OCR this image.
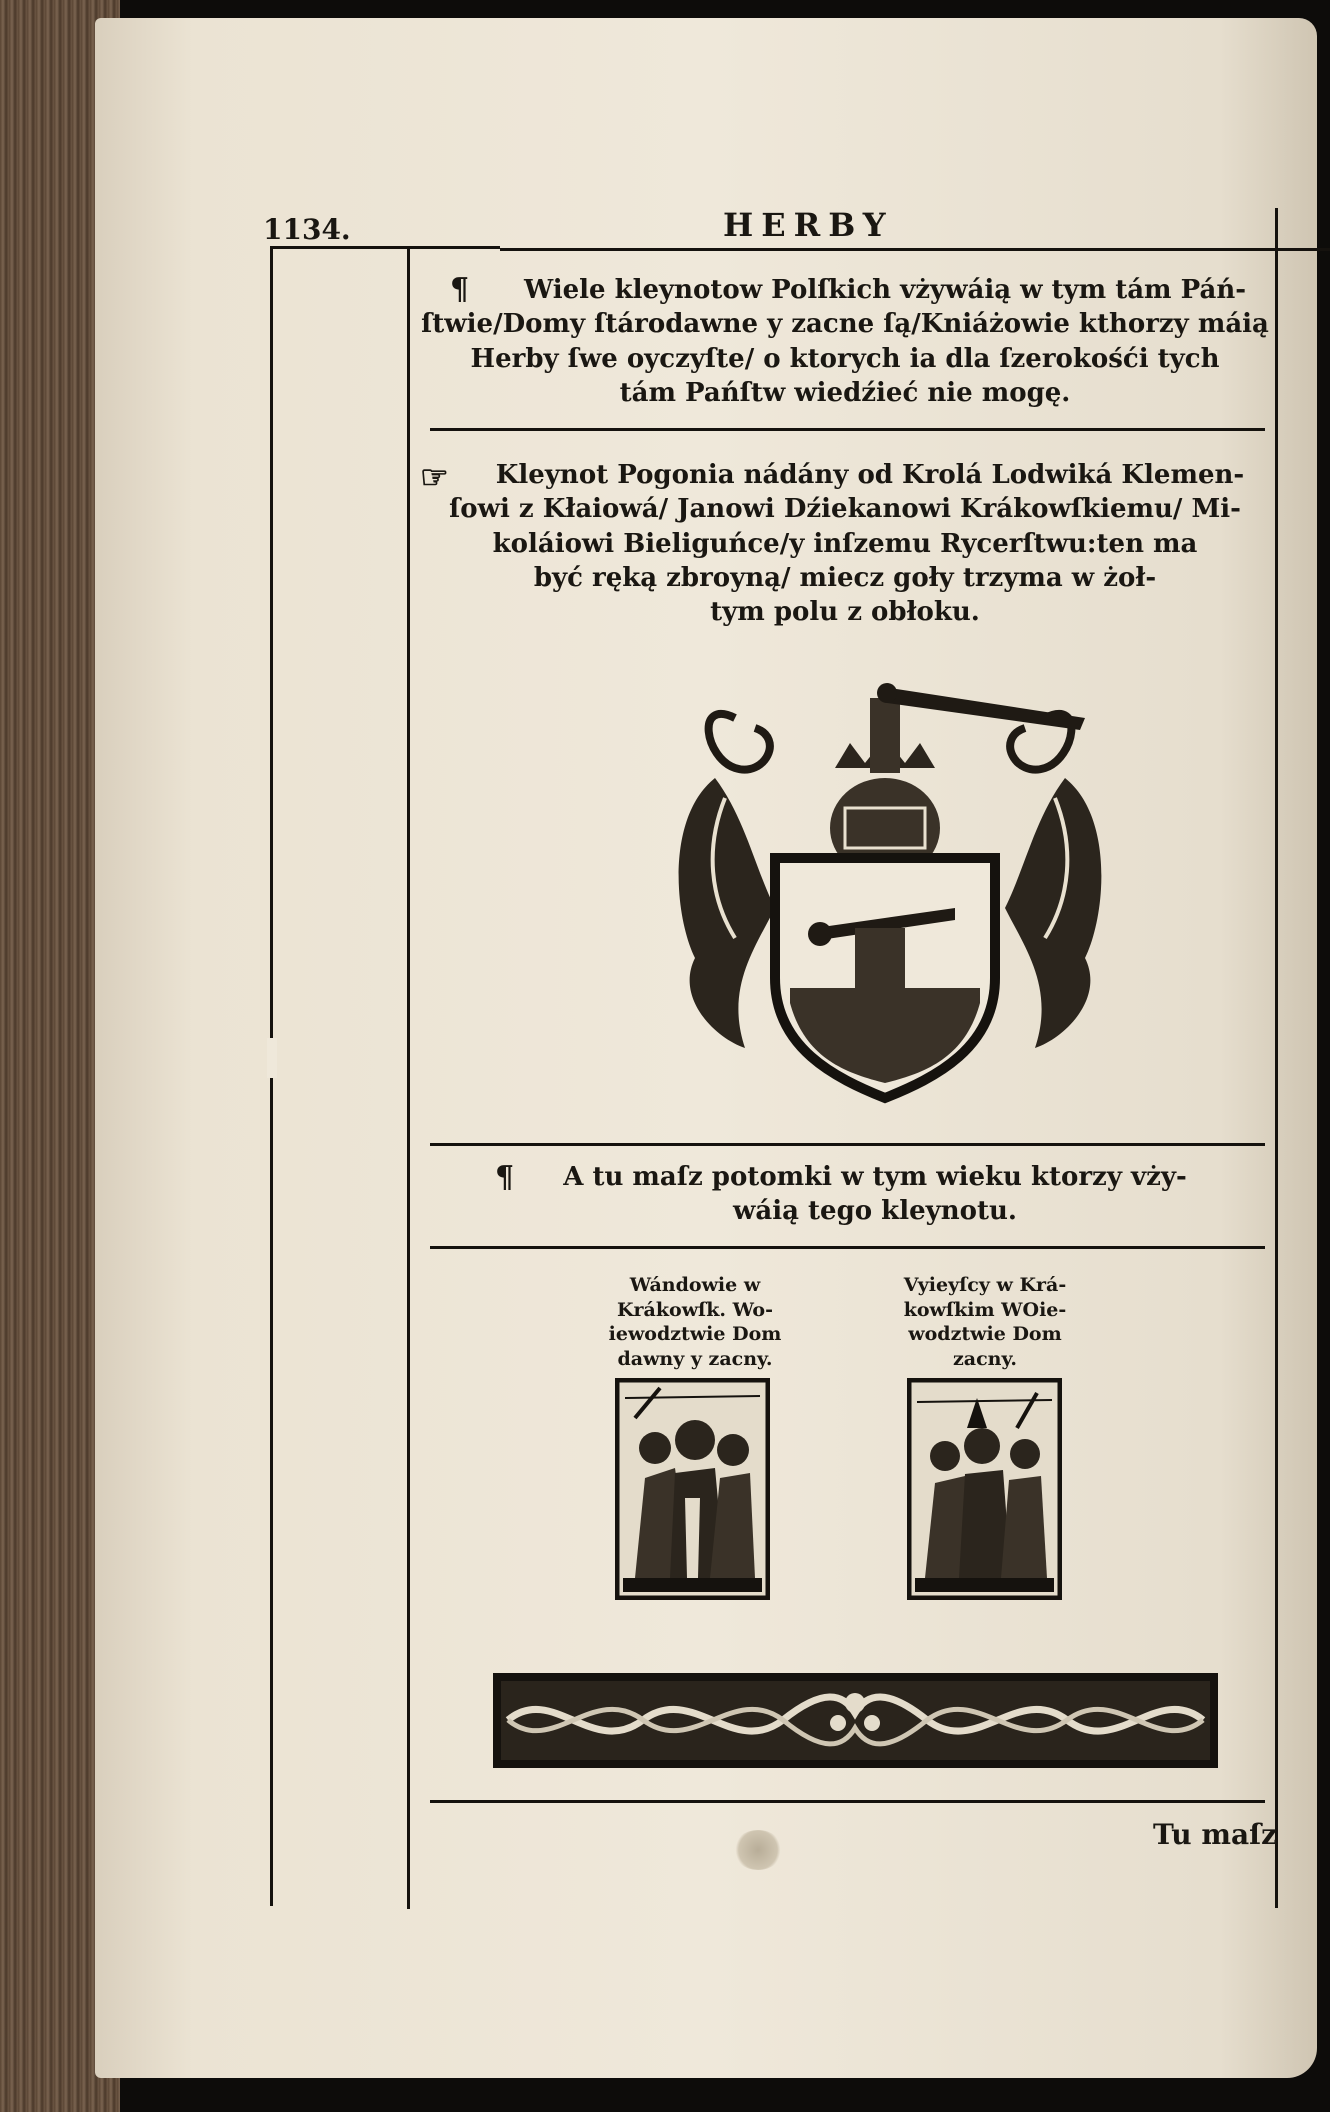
1134.	HERBY
¶	Wiele kleynotow Polſkich vżywáią w tym tám Páń-
ſtwie/Domy ſtárodawne y zacne ſą/Kniáżowie kthorzy máią
Herby ſwe oyczyſte/ o ktorych ia dla ſzerokośći tych
tám Pańſtw wiedźieć nie mogę.
☞	Kleynot Pogonia nádány od Krolá Lodwiká Klemen-
ſowi z Kłaiowá/ Janowi Dźiekanowi Krákowſkiemu/ Mi-
koláiowi Bieliguńce/y inſzemu Rycerſtwu:ten ma
być ręką zbroyną/ miecz goły trzyma w żoł-
tym polu z obłoku.
¶	A tu maſz potomki w tym wieku ktorzy vży-
wáią tego kleynotu.
Wándowie w
Krákowſk. Wo-
iewodztwie Dom
dawny y zacny.
Vyieyſcy w Krá-
kowſkim WOie-
wodztwie Dom
zacny.
Tu maſz
